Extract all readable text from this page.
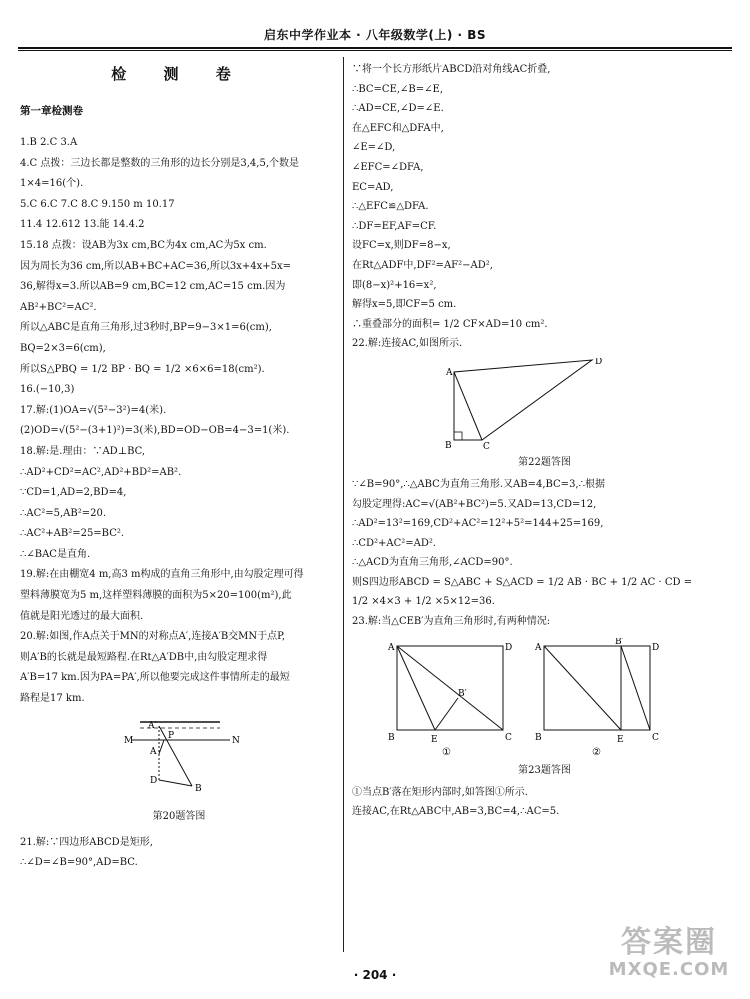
启东中学作业本 · 八年级数学(上) · BS

检 测 卷

第一章检测卷

1.B 2.C 3.A

4.C 点拨：三边长都是整数的三角形的边长分别是3,4,5,个数是

1×4=16(个).

5.C 6.C 7.C 8.C 9.150 m 10.17

11.4 12.612 13.能 14.4.2

15.18 点拨：设AB为3x cm,BC为4x cm,AC为5x cm.

因为周长为36 cm,所以AB+BC+AC=36,所以3x+4x+5x=

36,解得x=3.所以AB=9 cm,BC=12 cm,AC=15 cm.因为

AB²+BC²=AC².

所以△ABC是直角三角形,过3秒时,BP=9−3×1=6(cm),

BQ=2×3=6(cm),

所以S△PBQ = 1/2 BP · BQ = 1/2 ×6×6=18(cm²).

16.(−10,3)

17.解:(1)OA=√(5²−3²)=4(米).

(2)OD=√(5²−(3+1)²)=3(米),BD=OD−OB=4−3=1(米).

18.解:是.理由：∵AD⊥BC,

∴AD²+CD²=AC²,AD²+BD²=AB².

∵CD=1,AD=2,BD=4,

∴AC²=5,AB²=20.

∴AC²+AB²=25=BC².

∴∠BAC是直角.

19.解:在由棚宽4 m,高3 m构成的直角三角形中,由勾股定理可得

塑料薄膜宽为5 m,这样塑料薄膜的面积为5×20=100(m²),此

值就是阳光透过的最大面积.

20.解:如图,作A点关于MN的对称点A′,连接A′B交MN于点P,

则A′B的长就是最短路程.在Rt△A′DB中,由勾股定理求得

A′B=17 km.因为PA=PA′,所以他要完成这件事情所走的最短

路程是17 km.

A′
A
P
M	N
D
B

第20题答图

21.解:∵四边形ABCD是矩形,

∴∠D=∠B=90°,AD=BC.

∵将一个长方形纸片ABCD沿对角线AC折叠,

∴BC=CE,∠B=∠E,

∴AD=CE,∠D=∠E.

在△EFC和△DFA中,

∠E=∠D,

∠EFC=∠DFA,

EC=AD,

∴△EFC≌△DFA.

∴DF=EF,AF=CF.

设FC=x,则DF=8−x,

在Rt△ADF中,DF²=AF²−AD²,

即(8−x)²+16=x²,

解得x=5,即CF=5 cm.

∴重叠部分的面积= 1/2 CF×AD=10 cm².

22.解:连接AC,如图所示.

A
B	C
D

第22题答图

∵∠B=90°,∴△ABC为直角三角形.又AB=4,BC=3,∴根据

勾股定理得:AC=√(AB²+BC²)=5.又AD=13,CD=12,

∴AD²=13²=169,CD²+AC²=12²+5²=144+25=169,

∴CD²+AC²=AD².

∴△ACD为直角三角形,∠ACD=90°.

则S四边形ABCD = S△ABC + S△ACD = 1/2 AB · BC + 1/2 AC · CD =

1/2 ×4×3 + 1/2 ×5×12=36.

23.解:当△CEB′为直角三角形时,有两种情况:

A	D
B	E	C
B′
①
A
B′
D
B	E	C
②

第23题答图

①当点B′落在矩形内部时,如答图①所示.

连接AC,在Rt△ABC中,AB=3,BC=4,∴AC=5.

· 204 ·
答案圈
MXQE.COM
